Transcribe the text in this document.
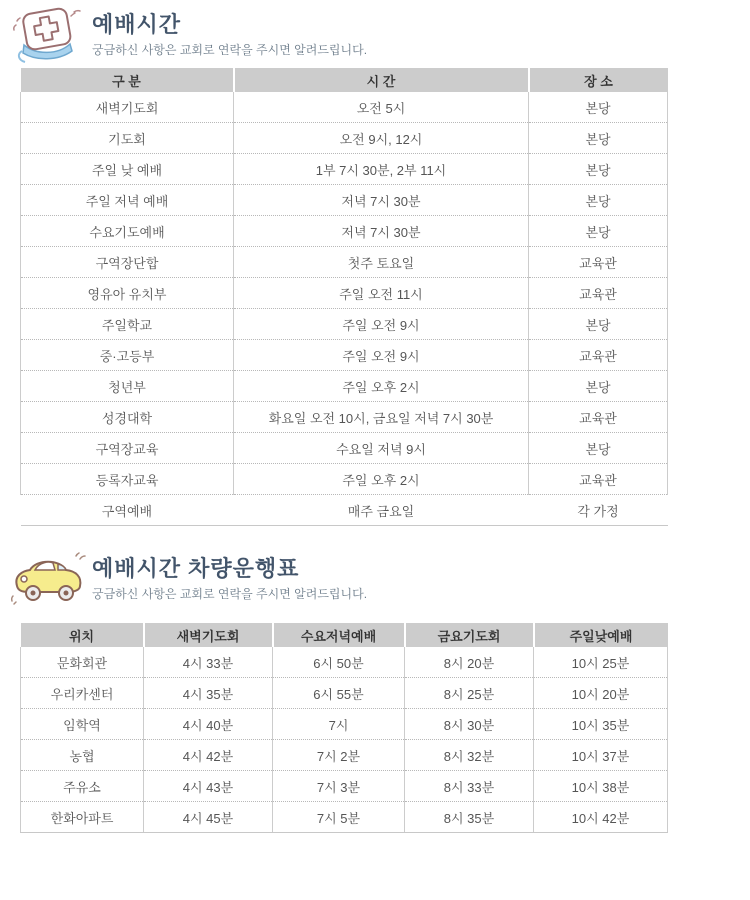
예배시간
궁금하신 사항은 교회로 연락을 주시면 알려드립니다.
구 분	시 간	장 소
새벽기도회	오전 5시	본당
기도회	오전 9시, 12시	본당
주일 낮 예배	1부 7시 30분, 2부 11시	본당
주일 저녁 예배	저녁 7시 30분	본당
수요기도예배	저녁 7시 30분	본당
구역장단합	첫주 토요일	교육관
영유아 유치부	주일 오전 11시	교육관
주일학교	주일 오전 9시	본당
중·고등부	주일 오전 9시	교육관
청년부	주일 오후 2시	본당
성경대학	화요일 오전 10시, 금요일 저녁 7시 30분	교육관
구역장교육	수요일 저녁 9시	본당
등록자교육	주일 오후 2시	교육관
구역예배	매주 금요일	각 가정
예배시간 차량운행표
궁금하신 사항은 교회로 연락을 주시면 알려드립니다.
위치	새벽기도회	수요저녁예배	금요기도회	주일낮예배
문화회관	4시 33분	6시 50분	8시 20분	10시 25분
우리카센터	4시 35분	6시 55분	8시 25분	10시 20분
임학역	4시 40분	7시	8시 30분	10시 35분
농협	4시 42분	7시 2분	8시 32분	10시 37분
주유소	4시 43분	7시 3분	8시 33분	10시 38분
한화아파트	4시 45분	7시 5분	8시 35분	10시 42분
